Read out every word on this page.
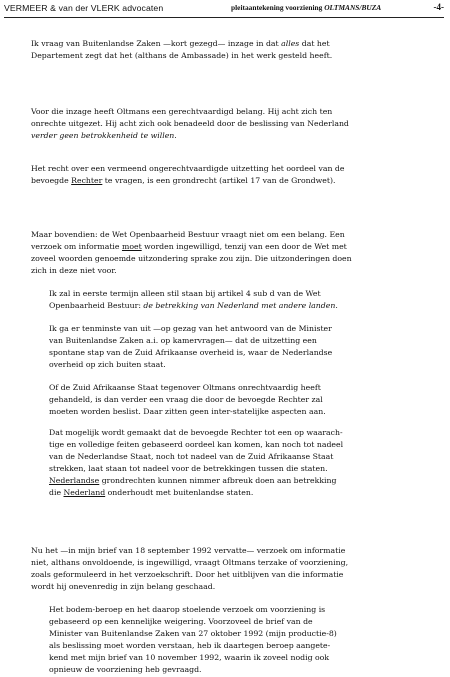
VERMEER & van der VLERK advocaten	pleitaantekening voorziening OLTMANS/BUZA	-4-

Ik vraag van Buitenlandse Zaken —kort gezegd— inzage in dat alles dat het
Departement zegt dat het (althans de Ambassade) in het werk gesteld heeft.

Voor die inzage heeft Oltmans een gerechtvaardigd belang. Hij acht zich ten
onrechte uitgezet. Hij acht zich ook benadeeld door de beslissing van Nederland
verder geen betrokkenheid te willen.

Het recht over een vermeend ongerechtvaardigde uitzetting het oordeel van de
bevoegde Rechter te vragen, is een grondrecht (artikel 17 van de Grondwet).

Maar bovendien: de Wet Openbaarheid Bestuur vraagt niet om een belang. Een
verzoek om informatie moet worden ingewilligd, tenzij van een door de Wet met
zoveel woorden genoemde uitzondering sprake zou zijn. Die uitzonderingen doen
zich in deze niet voor.

Ik zal in eerste termijn alleen stil staan bij artikel 4 sub d van de Wet
Openbaarheid Bestuur: de betrekking van Nederland met andere landen.

Ik ga er tenminste van uit —op gezag van het antwoord van de Minister
van Buitenlandse Zaken a.i. op kamervragen— dat de uitzetting een
spontane stap van de Zuid Afrikaanse overheid is, waar de Nederlandse
overheid op zich buiten staat.

Of de Zuid Afrikaanse Staat tegenover Oltmans onrechtvaardig heeft
gehandeld, is dan verder een vraag die door de bevoegde Rechter zal
moeten worden beslist. Daar zitten geen inter-statelijke aspecten aan.

Dat mogelijk wordt gemaakt dat de bevoegde Rechter tot een op waarach-
tige en volledige feiten gebaseerd oordeel kan komen, kan noch tot nadeel
van de Nederlandse Staat, noch tot nadeel van de Zuid Afrikaanse Staat
strekken, laat staan tot nadeel voor de betrekkingen tussen die staten.
Nederlandse grondrechten kunnen nimmer afbreuk doen aan betrekking
die Nederland onderhoudt met buitenlandse staten.

Nu het —in mijn brief van 18 september 1992 vervatte— verzoek om informatie
niet, althans onvoldoende, is ingewilligd, vraagt Oltmans terzake of voorziening,
zoals geformuleerd in het verzoekschrift. Door het uitblijven van die informatie
wordt hij onevenredig in zijn belang geschaad.

Het bodem-beroep en het daarop stoelende verzoek om voorziening is
gebaseerd op een kennelijke weigering. Voorzoveel de brief van de
Minister van Buitenlandse Zaken van 27 oktober 1992 (mijn productie-8)
als beslissing moet worden verstaan, heb ik daartegen beroep aangete-
kend met mijn brief van 10 november 1992, waarin ik zoveel nodig ook
opnieuw de voorziening heb gevraagd.
